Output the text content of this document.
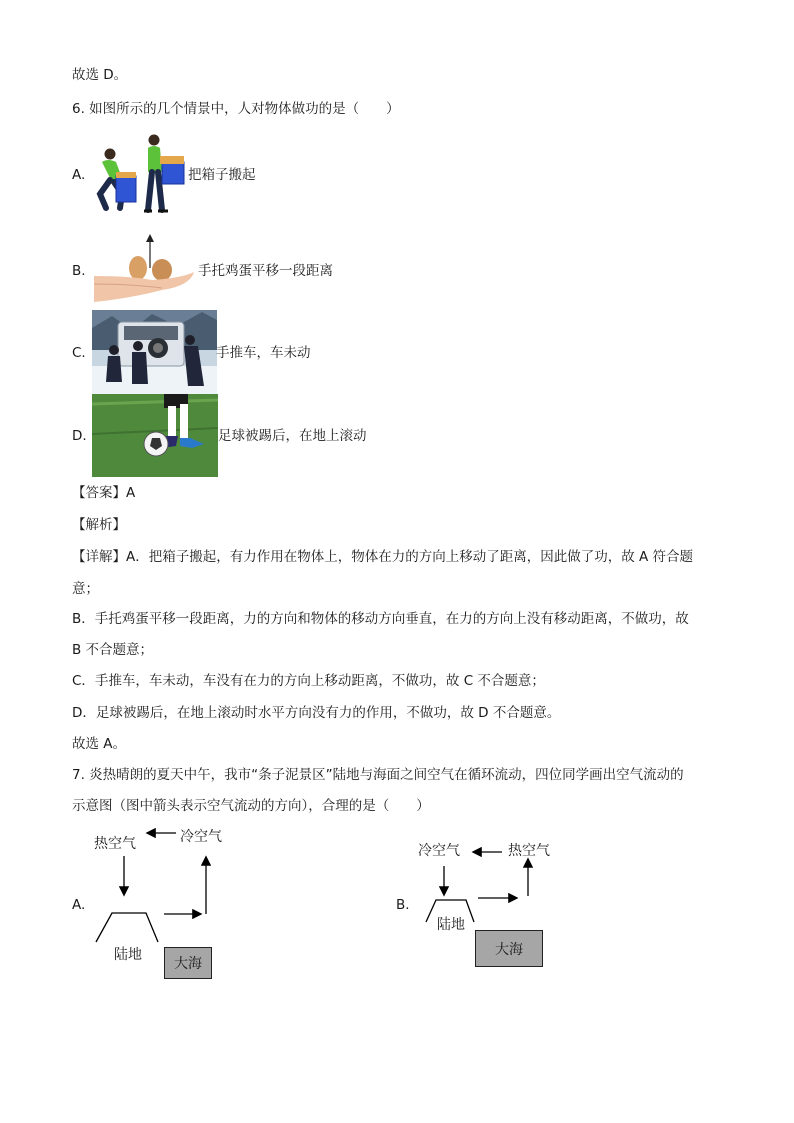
故选 D。
6. 如图所示的几个情景中，人对物体做功的是（　　）
A.	把箱子搬起
B.	手托鸡蛋平移一段距离
C.	手推车，车未动
D.	足球被踢后，在地上滚动
【答案】A
【解析】
【详解】A．把箱子搬起，有力作用在物体上，物体在力的方向上移动了距离，因此做了功，故 A 符合题
意；
B．手托鸡蛋平移一段距离，力的方向和物体的移动方向垂直，在力的方向上没有移动距离，不做功，故
B 不合题意；
C．手推车，车未动，车没有在力的方向上移动距离，不做功，故 C 不合题意；
D．足球被踢后，在地上滚动时水平方向没有力的作用，不做功，故 D 不合题意。
故选 A。
7. 炎热晴朗的夏天中午，我市“条子泥景区”陆地与海面之间空气在循环流动，四位同学画出空气流动的
示意图（图中箭头表示空气流动的方向），合理的是（　　）
A.
热空气	冷空气
陆地
大海
B.
冷空气	热空气
陆地
大海
